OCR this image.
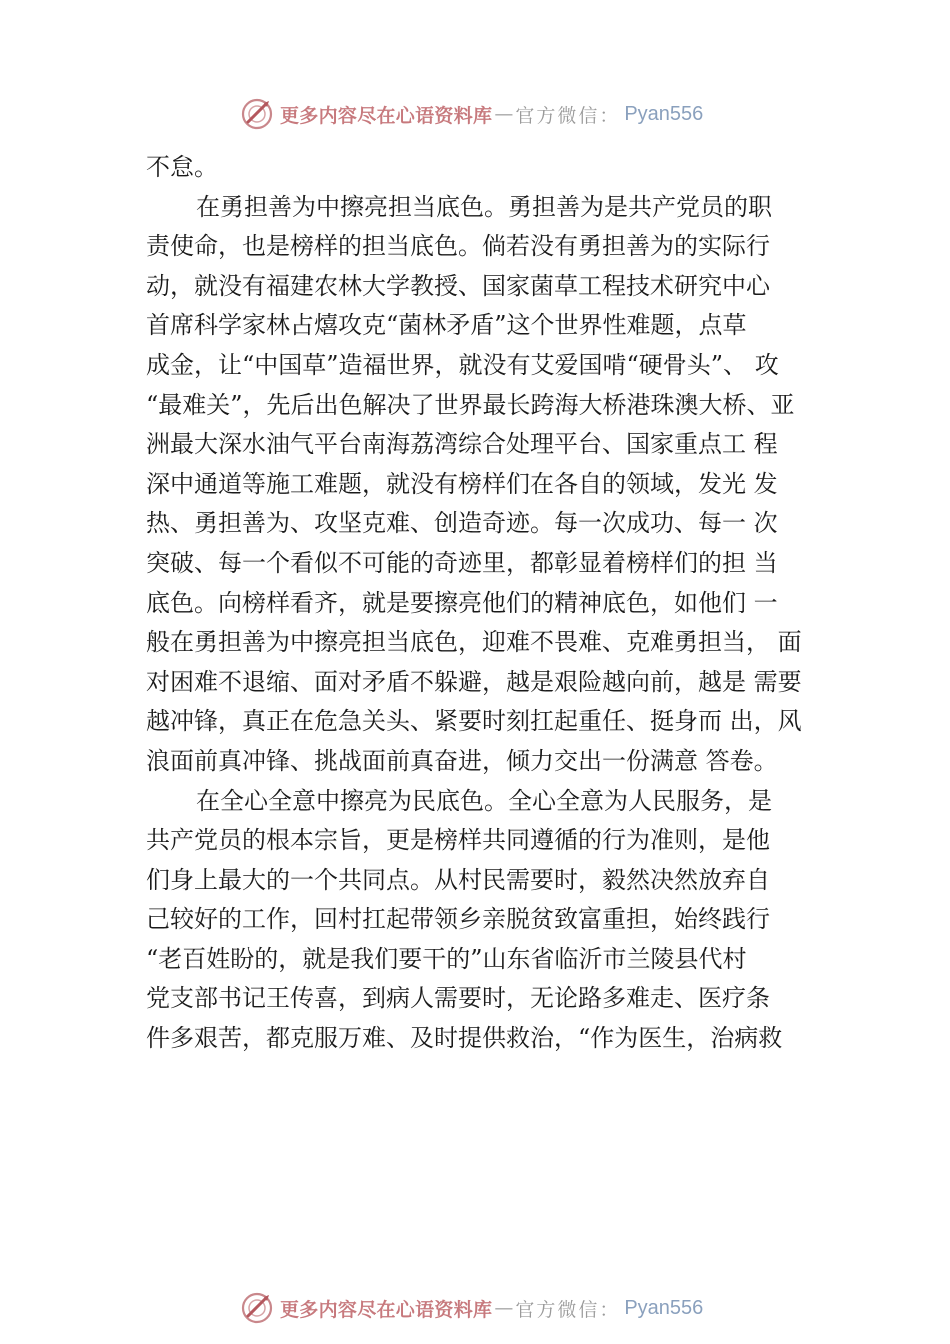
更多内容尽在心语资料库 — 官方微信 ： Pyan556
不怠。
在勇担善为中擦亮担当底色。勇担善为是共产党员的职
责使命，也是榜样的担当底色。倘若没有勇担善为的实际行
动，就没有福建农林大学教授、国家菌草工程技术研究中心
首席科学家林占熺攻克“菌林矛盾”这个世界性难题，点草
成金，让“中国草”造福世界，就没有艾爱国啃“硬骨头”、 攻
“最难关”，先后出色解决了世界最长跨海大桥港珠澳大桥、亚
洲最大深水油气平台南海荔湾综合处理平台、国家重点工 程
深中通道等施工难题，就没有榜样们在各自的领域，发光 发
热、勇担善为、攻坚克难、创造奇迹。每一次成功、每一 次
突破、每一个看似不可能的奇迹里，都彰显着榜样们的担 当
底色。向榜样看齐，就是要擦亮他们的精神底色，如他们 一
般在勇担善为中擦亮担当底色，迎难不畏难、克难勇担当， 面
对困难不退缩、面对矛盾不躲避，越是艰险越向前，越是 需要
越冲锋，真正在危急关头、紧要时刻扛起重任、挺身而 出，风
浪面前真冲锋、挑战面前真奋进，倾力交出一份满意 答卷。
在全心全意中擦亮为民底色。全心全意为人民服务，是
共产党员的根本宗旨，更是榜样共同遵循的行为准则，是他
们身上最大的一个共同点。从村民需要时，毅然决然放弃自
己较好的工作，回村扛起带领乡亲脱贫致富重担，始终践行
“老百姓盼的，就是我们要干的”山东省临沂市兰陵县代村
党支部书记王传喜，到病人需要时，无论路多难走、医疗条
件多艰苦，都克服万难、及时提供救治，“作为医生，治病救
更多内容尽在心语资料库 — 官方微信 ： Pyan556
